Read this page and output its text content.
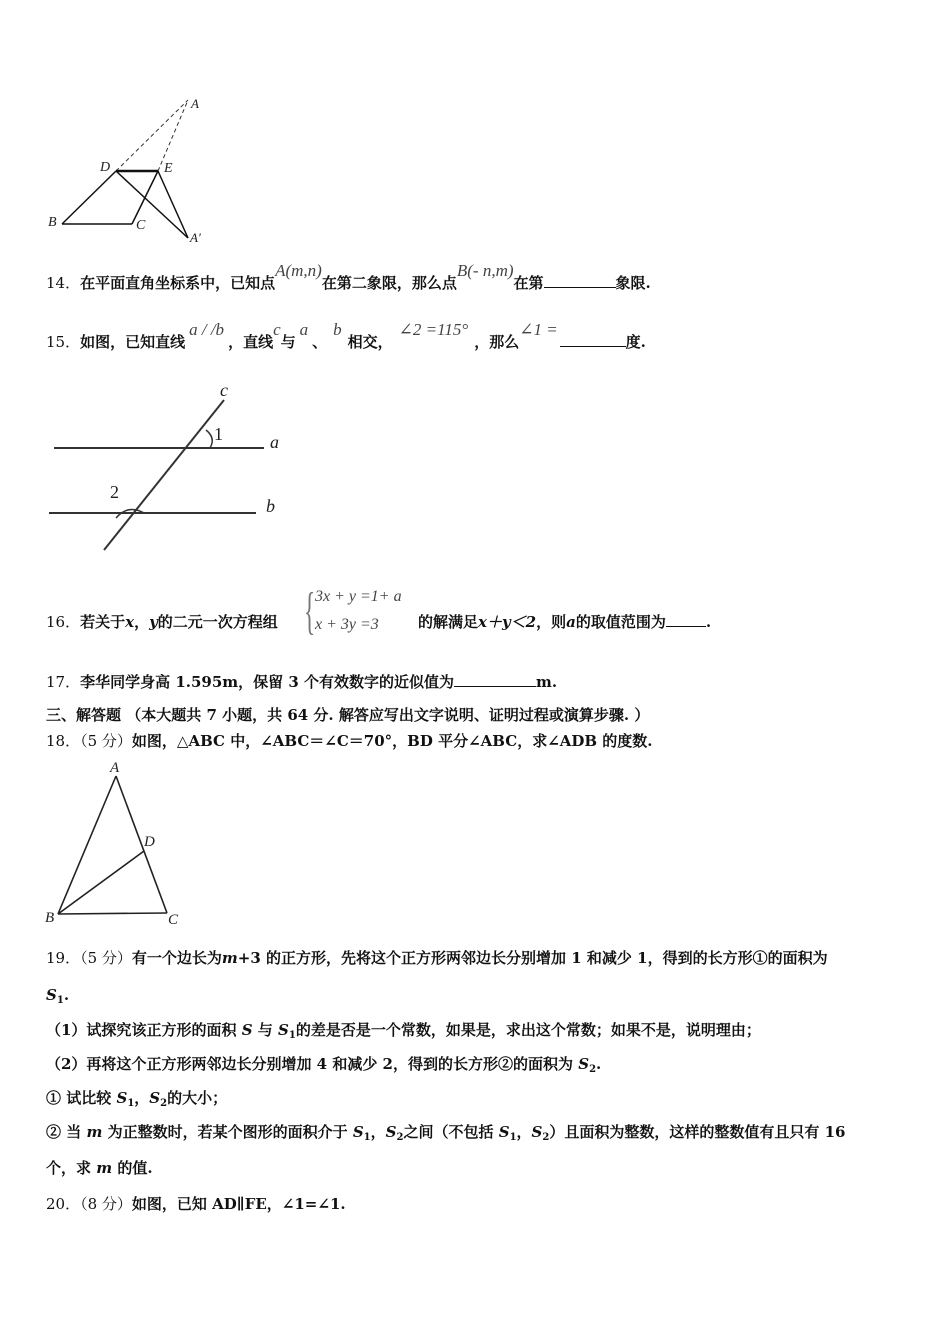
A
D	E
B	C
A′
14．在平面直角坐标系中，已知点A(m,n)在第二象限，那么点B(- n,m)在第	象限.
15．如图，已知直线a / /b，直线c与a、b相交，∠2 =115°，那么∠1 =度.
c
a
b
1
2
16．若关于x，y的二元一次方程组 { 3x + y =1+ a
x + 3y =3	的解满足x＋y＜2，则a的取值范围为	.
17．李华同学身高 1.595m，保留 3 个有效数字的近似值为	m.
三、解答题 （本大题共 7 小题，共 64 分. 解答应写出文字说明、证明过程或演算步骤. ）
18．（5 分）如图，△ABC 中，∠ABC＝∠C＝70°，BD 平分∠ABC，求∠ADB 的度数.
A
B	C
D
19．（5 分）有一个边长为m+3 的正方形，先将这个正方形两邻边长分别增加 1 和减少 1，得到的长方形①的面积为
$S_1$.
（1）试探究该正方形的面积 S 与 $S_1$的差是否是一个常数，如果是，求出这个常数；如果不是，说明理由；
（2）再将这个正方形两邻边长分别增加 4 和减少 2，得到的长方形②的面积为 $S_2$.
① 试比较 $S_1$，$S_2$的大小；
② 当 m 为正整数时，若某个图形的面积介于 $S_1$，$S_2$之间（不包括 $S_1$，$S_2$）且面积为整数，这样的整数值有且只有 16
个，求 m 的值.
20．（8 分）如图，已知 AD∥FE，∠1=∠1.
